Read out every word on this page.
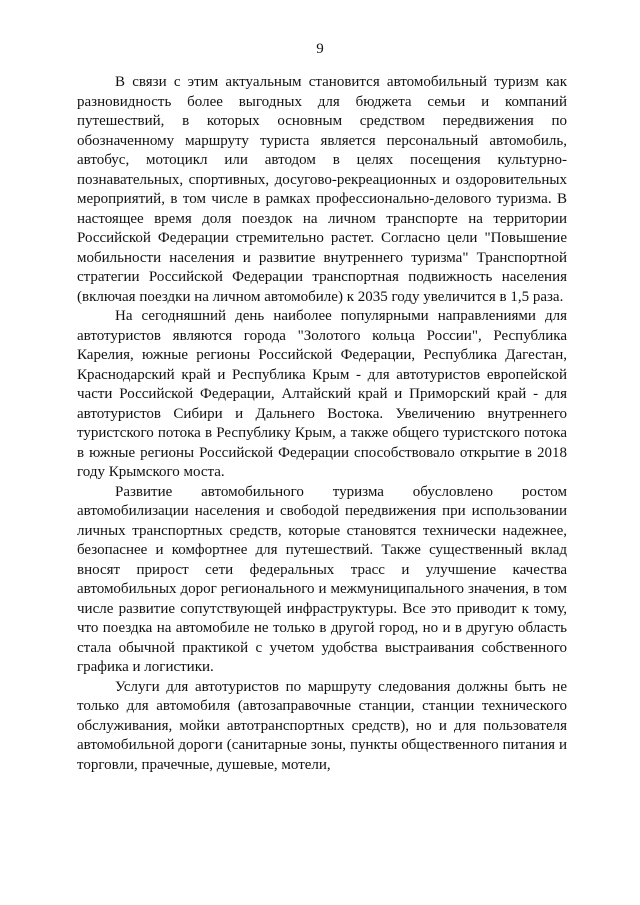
9

В связи с этим актуальным становится автомобильный туризм как разновидность более выгодных для бюджета семьи и компаний путешествий, в которых основным средством передвижения по обозначенному маршруту туриста является персональный автомобиль, автобус, мотоцикл или автодом в целях посещения культурно-познавательных, спортивных, досугово-рекреационных и оздоровительных мероприятий, в том числе в рамках профессионально-делового туризма. В настоящее время доля поездок на личном транспорте на территории Российской Федерации стремительно растет. Согласно цели "Повышение мобильности населения и развитие внутреннего туризма" Транспортной стратегии Российской Федерации транспортная подвижность населения (включая поездки на личном автомобиле) к 2035 году увеличится в 1,5 раза.

На сегодняшний день наиболее популярными направлениями для автотуристов являются города "Золотого кольца России", Республика Карелия, южные регионы Российской Федерации, Республика Дагестан, Краснодарский край и Республика Крым - для автотуристов европейской части Российской Федерации, Алтайский край и Приморский край - для автотуристов Сибири и Дальнего Востока. Увеличению внутреннего туристского потока в Республику Крым, а также общего туристского потока в южные регионы Российской Федерации способствовало открытие в 2018 году Крымского моста.

Развитие автомобильного туризма обусловлено ростом автомобилизации населения и свободой передвижения при использовании личных транспортных средств, которые становятся технически надежнее, безопаснее и комфортнее для путешествий. Также существенный вклад вносят прирост сети федеральных трасс и улучшение качества автомобильных дорог регионального и межмуниципального значения, в том числе развитие сопутствующей инфраструктуры. Все это приводит к тому, что поездка на автомобиле не только в другой город, но и в другую область стала обычной практикой с учетом удобства выстраивания собственного графика и логистики.

Услуги для автотуристов по маршруту следования должны быть не только для автомобиля (автозаправочные станции, станции технического обслуживания, мойки автотранспортных средств), но и для пользователя автомобильной дороги (санитарные зоны, пункты общественного питания и торговли, прачечные, душевые, мотели,
